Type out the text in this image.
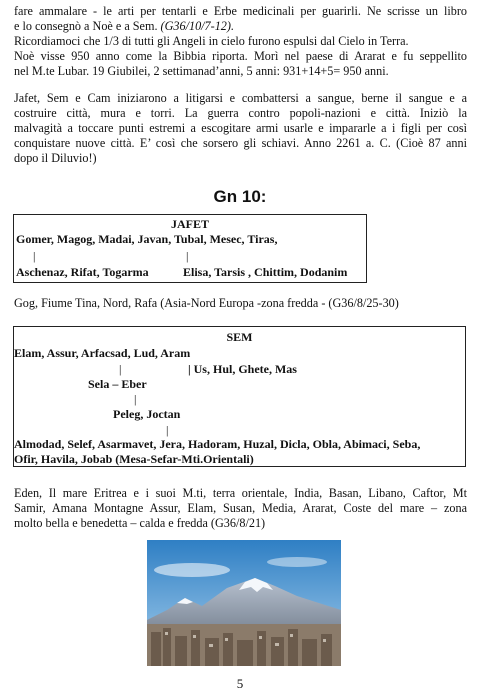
fare ammalare - le arti per tentarli e Erbe medicinali per guarirli. Ne scrisse un libro
e lo consegnò a Noè e a Sem. (G36/10/7-12).
Ricordiamoci che 1/3 di tutti gli Angeli in cielo furono espulsi dal Cielo in Terra.
Noè visse 950 anno come la Bibbia riporta. Morì nel paese di Ararat e fu seppellito
nel M.te Lubar. 19 Giubilei, 2 settimanad’anni, 5 anni: 931+14+5= 950 anni.

Jafet, Sem e Cam iniziarono a litigarsi e combattersi a sangue, berne il sangue e a
costruire città, mura e torri. La guerra contro popoli-nazioni e città. Iniziò la
malvagità a toccare punti estremi a escogitare armi usarle e impararle a i figli per così
conquistare nuove città. E’ così che sorsero gli schiavi. Anno 2261 a. C. (Cioè 87 anni
dopo il Diluvio!)

Gn 10:
JAFET
Gomer, Magog, Madai, Javan, Tubal, Mesec, Tiras,
|	|
Aschenaz, Rifat, Togarma	Elisa, Tarsis , Chittim, Dodanim

Gog, Fiume Tina, Nord, Rafa (Asia-Nord Europa -zona fredda - (G36/8/25-30)

SEM
Elam, Assur, Arfacsad, Lud, Aram
|	| Us, Hul, Ghete, Mas
Sela – Eber
|
Peleg, Joctan
|
Almodad, Selef, Asarmavet, Jera, Hadoram, Huzal, Dicla, Obla, Abimaci, Seba,
Ofir, Havila, Jobab (Mesa-Sefar-Mti.Orientali)

Eden, Il mare Eritrea e i suoi M.ti, terra orientale, India, Basan, Libano, Caftor, Mt
Samir, Amana Montagne Assur, Elam, Susan, Media, Ararat, Coste del mare – zona
molto bella e benedetta – calda e fredda (G36/8/21)

5
